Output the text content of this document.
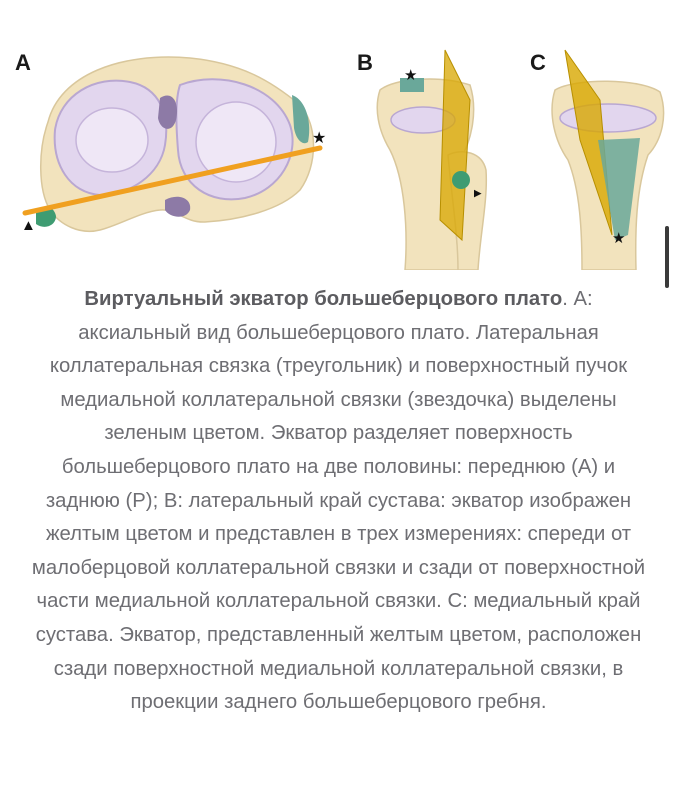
A
▲
★
★
▲
★
B	C
Виртуальный экватор большеберцового плато. А: аксиальный вид большеберцового плато. Латеральная коллатеральная связка (треугольник) и поверхностный пучок медиальной коллатеральной связки (звездочка) выделены зеленым цветом. Экватор разделяет поверхность большеберцового плато на две половины: переднюю (А) и заднюю (Р); В: латеральный край сустава: экватор изображен желтым цветом и представлен в трех измерениях: спереди от малоберцовой коллатеральной связки и сзади от поверхностной части медиальной коллатеральной связки. С: медиальный край сустава. Экватор, представленный желтым цветом, расположен сзади поверхностной медиальной коллатеральной связки, в проекции заднего большеберцового гребня.
